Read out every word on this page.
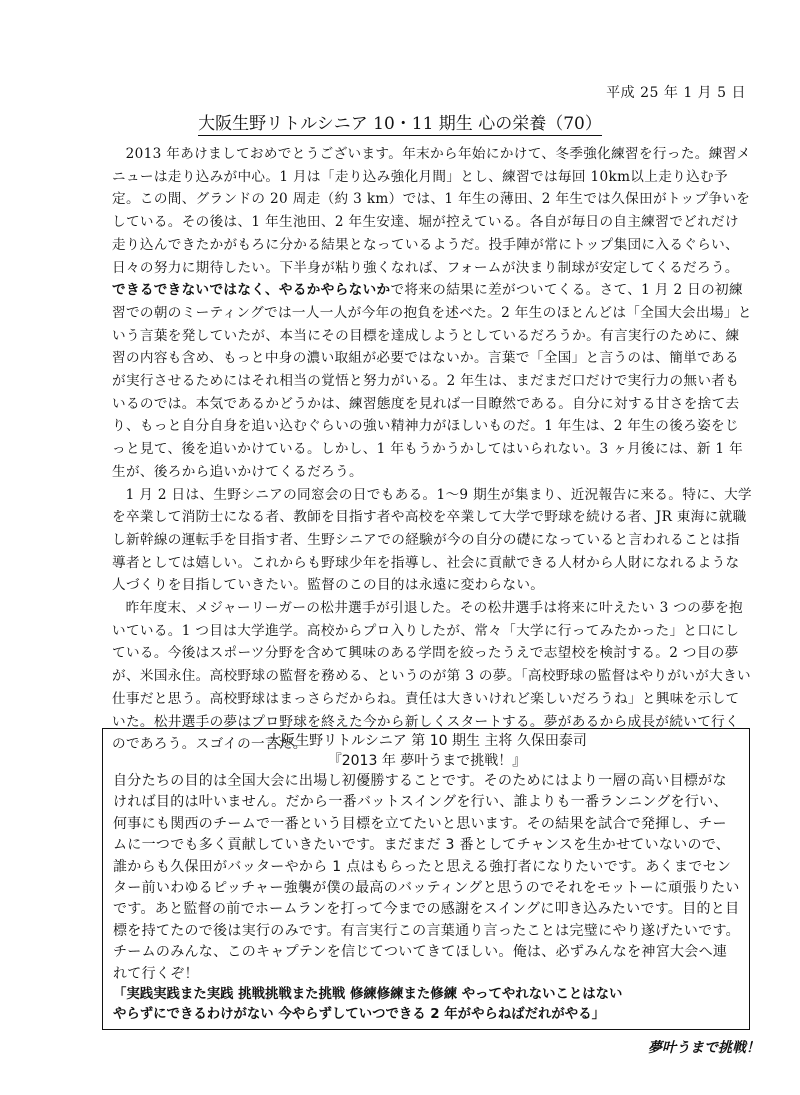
平成 25 年 1 月 5 日
大阪生野リトルシニア 10・11 期生 心の栄養（70）

2013 年あけましておめでとうございます。年末から年始にかけて、冬季強化練習を行った。練習メニューは走り込みが中心。1 月は「走り込み強化月間」とし、練習では毎回 10km以上走り込む予定。この間、グランドの 20 周走（約 3 km）では、1 年生の薄田、2 年生では久保田がトップ争いをしている。その後は、1 年生池田、2 年生安達、堀が控えている。各自が毎日の自主練習でどれだけ走り込んできたかがもろに分かる結果となっているようだ。投手陣が常にトップ集団に入るぐらい、日々の努力に期待したい。下半身が粘り強くなれば、フォームが決まり制球が安定してくるだろう。できるできないではなく、やるかやらないかで将来の結果に差がついてくる。さて、1 月 2 日の初練習での朝のミーティングでは一人一人が今年の抱負を述べた。2 年生のほとんどは「全国大会出場」という言葉を発していたが、本当にその目標を達成しようとしているだろうか。有言実行のために、練習の内容も含め、もっと中身の濃い取組が必要ではないか。言葉で「全国」と言うのは、簡単であるが実行させるためにはそれ相当の覚悟と努力がいる。2 年生は、まだまだ口だけで実行力の無い者もいるのでは。本気であるかどうかは、練習態度を見れば一目瞭然である。自分に対する甘さを捨て去り、もっと自分自身を追い込むぐらいの強い精神力がほしいものだ。1 年生は、2 年生の後ろ姿をじっと見て、後を追いかけている。しかし、1 年もうかうかしてはいられない。3 ヶ月後には、新 1 年生が、後ろから追いかけてくるだろう。

1 月 2 日は、生野シニアの同窓会の日でもある。1～9 期生が集まり、近況報告に来る。特に、大学を卒業して消防士になる者、教師を目指す者や高校を卒業して大学で野球を続ける者、JR 東海に就職し新幹線の運転手を目指す者、生野シニアでの経験が今の自分の礎になっていると言われることは指導者としては嬉しい。これからも野球少年を指導し、社会に貢献できる人材から人財になれるような人づくりを目指していきたい。監督のこの目的は永遠に変わらない。

昨年度末、メジャーリーガーの松井選手が引退した。その松井選手は将来に叶えたい 3 つの夢を抱いている。1 つ目は大学進学。高校からプロ入りしたが、常々「大学に行ってみたかった」と口にしている。今後はスポーツ分野を含めて興味のある学問を絞ったうえで志望校を検討する。2 つ目の夢が、米国永住。高校野球の監督を務める、というのが第 3 の夢。「高校野球の監督はやりがいが大きい仕事だと思う。高校野球はまっさらだからね。責任は大きいけれど楽しいだろうね」と興味を示していた。松井選手の夢はプロ野球を終えた今から新しくスタートする。夢があるから成長が続いて行くのであろう。スゴイの一言だ。

大阪生野リトルシニア 第 10 期生 主将 久保田泰司
『2013 年 夢叶うまで挑戦！』
自分たちの目的は全国大会に出場し初優勝することです。そのためにはより一層の高い目標がなければ目的は叶いません。だから一番バットスイングを行い、誰よりも一番ランニングを行い、何事にも関西のチームで一番という目標を立てたいと思います。その結果を試合で発揮し、チームに一つでも多く貢献していきたいです。まだまだ 3 番としてチャンスを生かせていないので、誰からも久保田がバッターやから 1 点はもらったと思える強打者になりたいです。あくまでセンター前いわゆるピッチャー強襲が僕の最高のバッティングと思うのでそれをモットーに頑張りたいです。あと監督の前でホームランを打って今までの感謝をスイングに叩き込みたいです。目的と目標を持てたので後は実行のみです。有言実行この言葉通り言ったことは完璧にやり遂げたいです。チームのみんな、このキャプテンを信じてついてきてほしい。俺は、必ずみんなを神宮大会へ連れて行くぞ！
「実践実践また実践 挑戦挑戦また挑戦 修練修練また修練 やってやれないことはない
やらずにできるわけがない 今やらずしていつできる 2 年がやらねばだれがやる」
夢叶うまで挑戦！
